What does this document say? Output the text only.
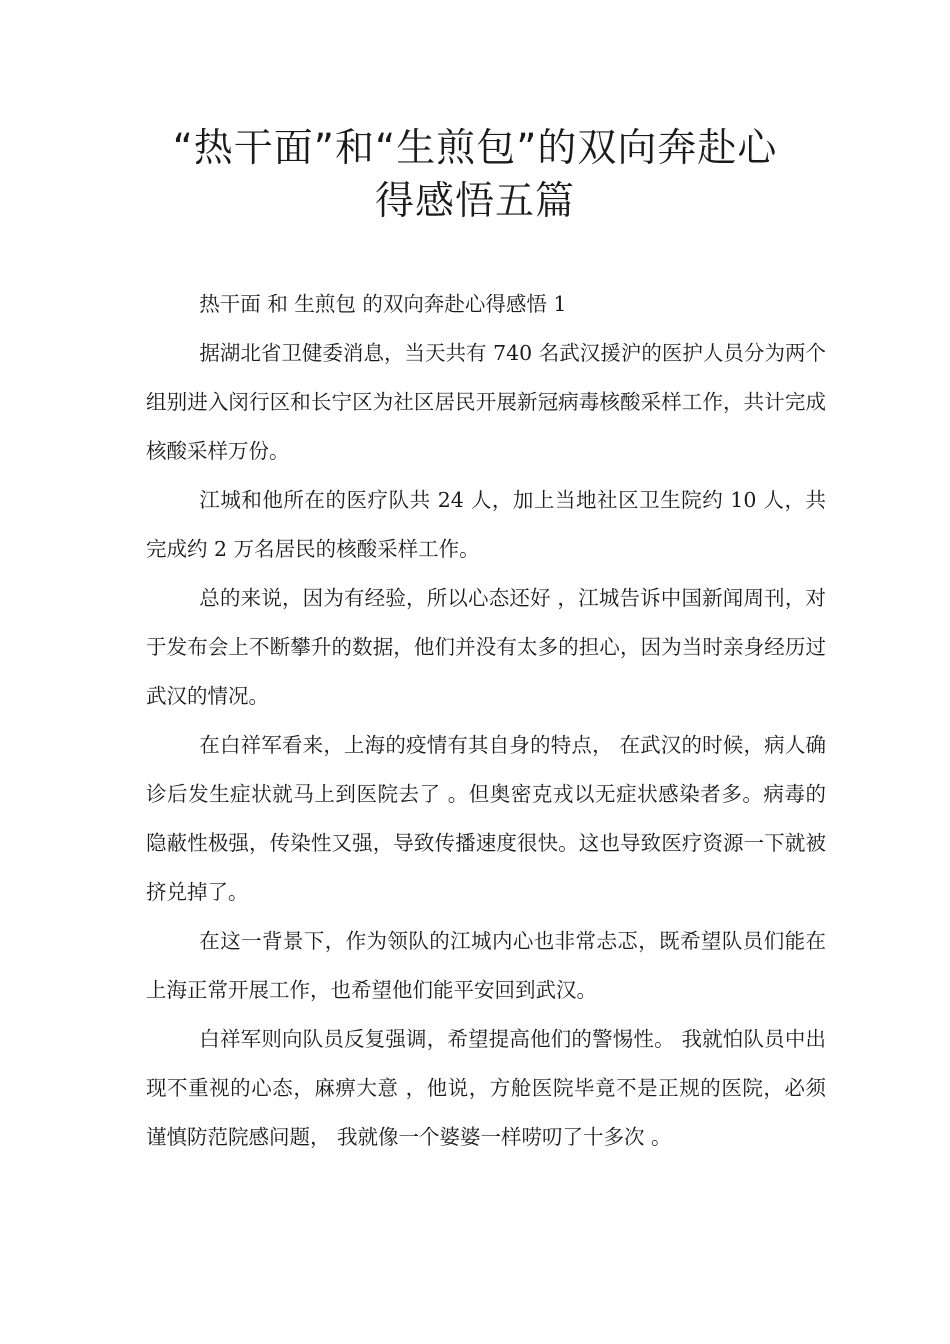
“热干面”和“生煎包”的双向奔赴心
得感悟五篇

热干面 和 生煎包 的双向奔赴心得感悟 1

据湖北省卫健委消息，当天共有 740 名武汉援沪的医护人员分为两个组别进入闵行区和长宁区为社区居民开展新冠病毒核酸采样工作，共计完成核酸采样万份。

江城和他所在的医疗队共 24 人，加上当地社区卫生院约 10 人，共完成约 2 万名居民的核酸采样工作。

总的来说，因为有经验，所以心态还好 ，江城告诉中国新闻周刊，对于发布会上不断攀升的数据，他们并没有太多的担心，因为当时亲身经历过武汉的情况。

在白祥军看来，上海的疫情有其自身的特点， 在武汉的时候，病人确诊后发生症状就马上到医院去了 。但奥密克戎以无症状感染者多。病毒的隐蔽性极强，传染性又强，导致传播速度很快。这也导致医疗资源一下就被挤兑掉了。

在这一背景下，作为领队的江城内心也非常忐忑，既希望队员们能在上海正常开展工作，也希望他们能平安回到武汉。

白祥军则向队员反复强调，希望提高他们的警惕性。 我就怕队员中出现不重视的心态，麻痹大意 ，他说，方舱医院毕竟不是正规的医院，必须谨慎防范院感问题， 我就像一个婆婆一样唠叨了十多次 。
